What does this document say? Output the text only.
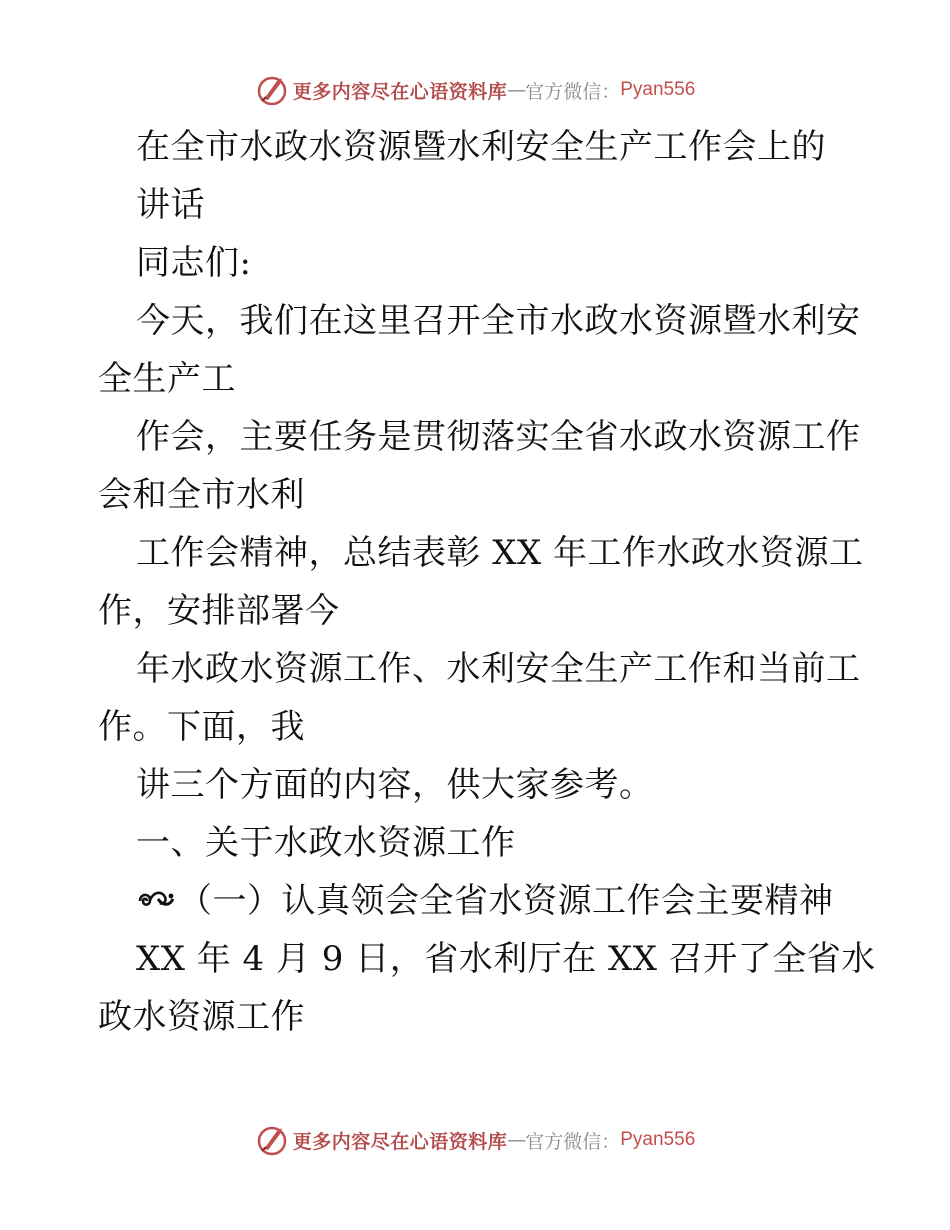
更多内容尽在心语资料库 — 官方微信： Pyan556
在全市水政水资源暨水利安全生产工作会上的
讲话
同志们:
今天，我们在这里召开全市水政水资源暨水利安
全生产工
作会，主要任务是贯彻落实全省水政水资源工作
会和全市水利
工作会精神，总结表彰 XX 年工作水政水资源工
作，安排部署今
年水政水资源工作、水利安全生产工作和当前工
作。下面，我
讲三个方面的内容，供大家参考。
一、关于水政水资源工作
（一）认真领会全省水资源工作会主要精神
XX 年 4 月 9 日，省水利厅在 XX 召开了全省水
政水资源工作
更多内容尽在心语资料库 — 官方微信： Pyan556
